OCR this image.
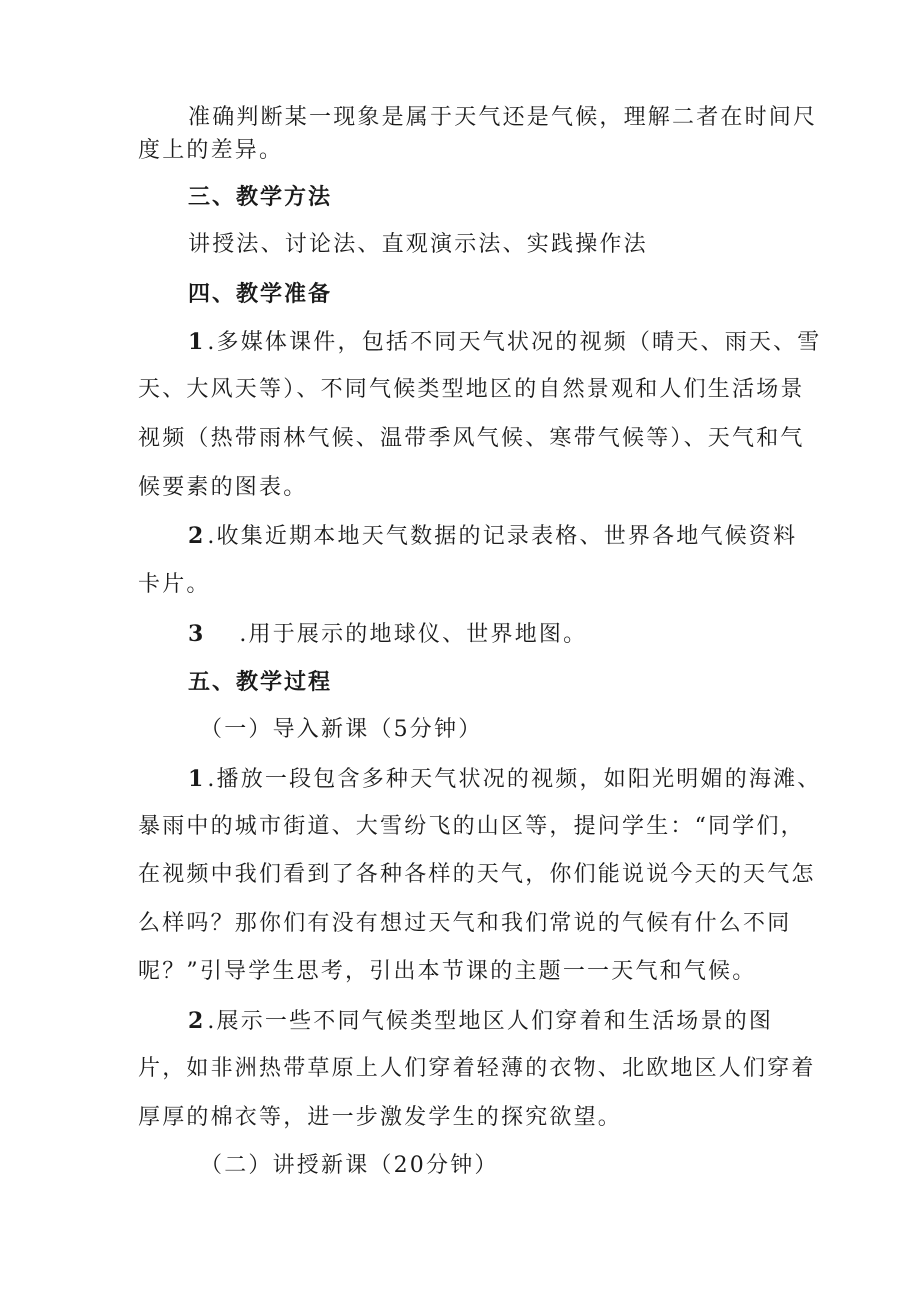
准确判断某一现象是属于天气还是气候，理解二者在时间尺
度上的差异。
三、教学方法
讲授法、讨论法、直观演示法、实践操作法
四、教学准备
1 .多媒体课件，包括不同天气状况的视频（晴天、雨天、雪
天、大风天等）、不同气候类型地区的自然景观和人们生活场景
视频（热带雨林气候、温带季风气候、寒带气候等）、天气和气
候要素的图表。
2 .收集近期本地天气数据的记录表格、世界各地气候资料
卡片。
3 .用于展示的地球仪、世界地图。
五、教学过程
（一）导入新课（5分钟）
1 .播放一段包含多种天气状况的视频，如阳光明媚的海滩、
暴雨中的城市街道、大雪纷飞的山区等，提问学生：“同学们，
在视频中我们看到了各种各样的天气，你们能说说今天的天气怎
么样吗？那你们有没有想过天气和我们常说的气候有什么不同
呢？”引导学生思考，引出本节课的主题一一天气和气候。
2 .展示一些不同气候类型地区人们穿着和生活场景的图
片，如非洲热带草原上人们穿着轻薄的衣物、北欧地区人们穿着
厚厚的棉衣等，进一步激发学生的探究欲望。
（二）讲授新课（20分钟）
